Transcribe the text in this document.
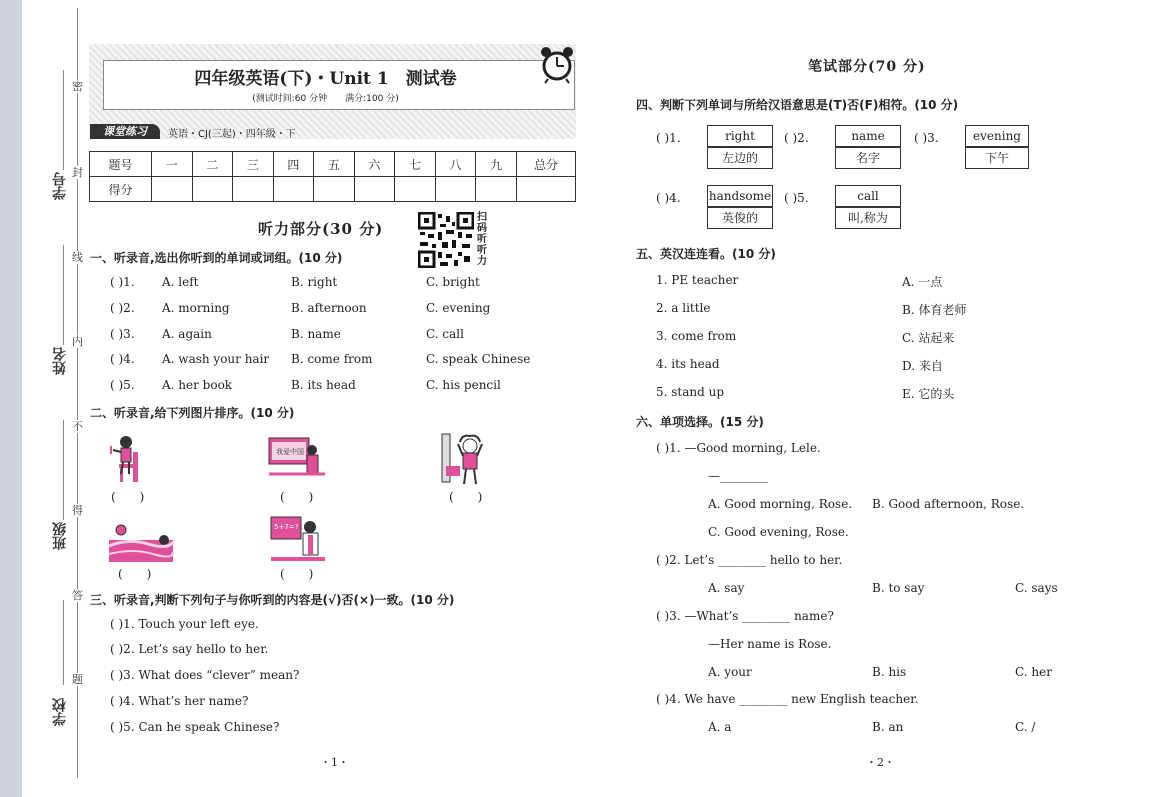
密
封
线
内
不
得
答
题
学号
姓名
班级
学校
四年级英语(下)・Unit 1　测试卷
(测试时间:60 分钟　　满分:100 分)
课堂练习	英语・CJ(三起)・四年级・下
题号	一	二	三	四	五	六	七	八	九	总分
得分										
听力部分(30 分)
扫
码
听
听
力
一、听录音,选出你听到的单词或词组。(10 分)
( )1. A. left	B. right	C. bright
( )2. A. morning	B. afternoon	C. evening
( )3. A. again	B. name	C. call
( )4. A. wash your hair B. come from	C. speak Chinese
( )5. A. her book	B. its head	C. his pencil
二、听录音,给下列图片排序。(10 分)
(　　)
我爱中国
(　　)	(　　)
(　　)
5+7=?
(　　)
三、听录音,判断下列句子与你听到的内容是(√)否(×)一致。(10 分)
( )1. Touch your left eye.
( )2. Let’s say hello to her.
( )3. What does “clever” mean?
( )4. What’s her name?
( )5. Can he speak Chinese?
・1・
笔试部分(70 分)
四、判断下列单词与所给汉语意思是(T)否(F)相符。(10 分)
( )1.	right
左边的
( )2.	name
名字
( )3.	evening
下午
( )4. handsome
英俊的
( )5.	call
叫,称为
五、英汉连连看。(10 分)
1. PE teacher
2. a little
3. come from
4. its head
5. stand up
A. 一点
B. 体育老师
C. 站起来
D. 来自
E. 它的头
六、单项选择。(15 分)
( )1. —Good morning, Lele.
—________
A. Good morning, Rose. B. Good afternoon, Rose.
C. Good evening, Rose.
( )2. Let’s ________ hello to her.
A. say	B. to say	C. says
( )3. —What’s ________ name?
—Her name is Rose.
A. your	B. his	C. her
( )4. We have ________ new English teacher.
A. a	B. an	C. /
・2・
